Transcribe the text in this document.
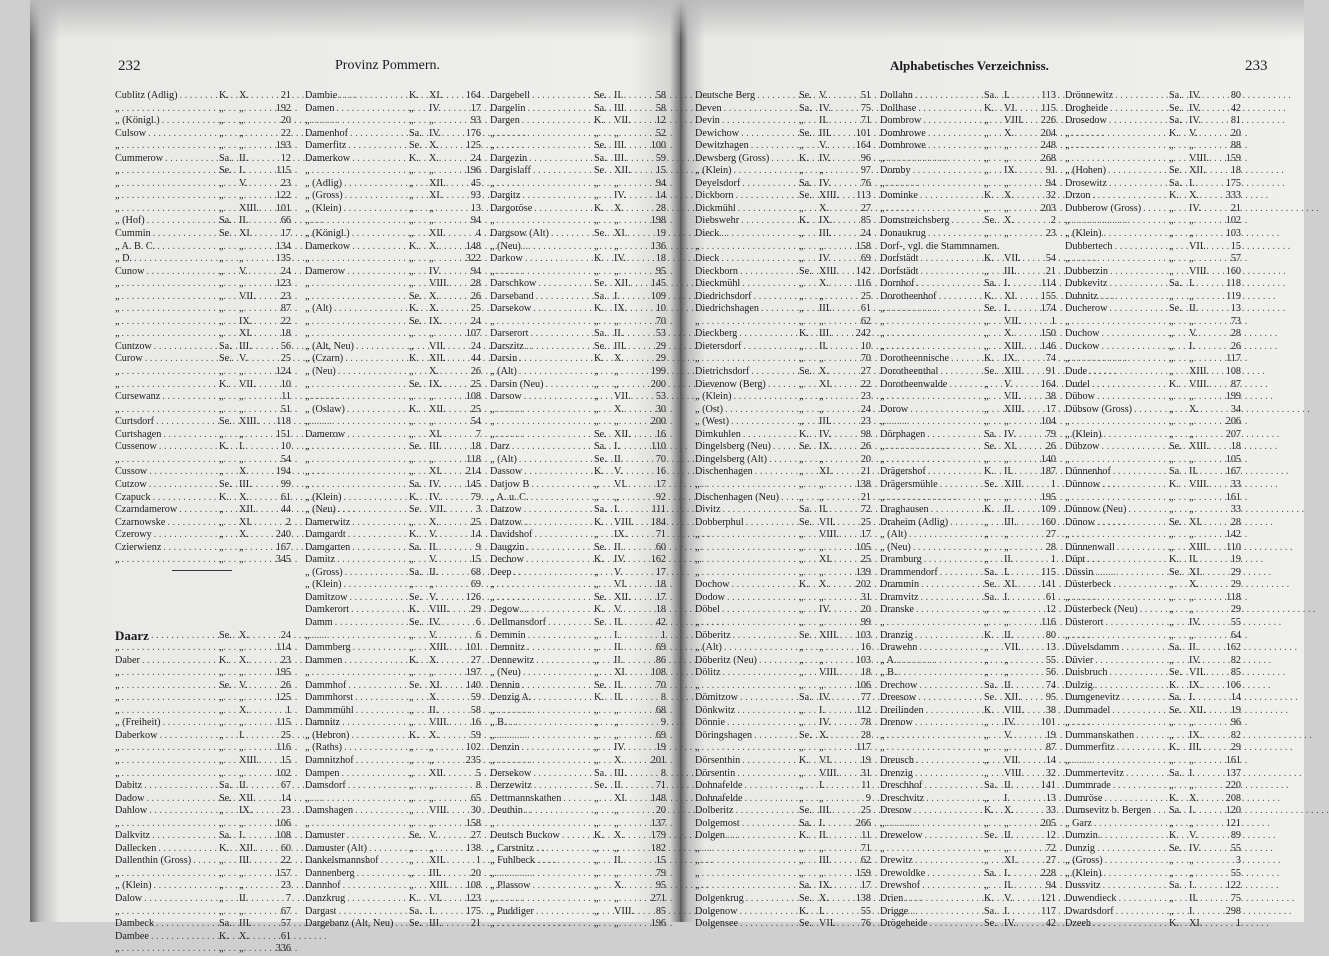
232	Provinz Pommern.	Alphabetisches Verzeichniss.	233
Cublitz (Adlig) . . .	K. X.	21
„ . . .	„	„	192
„ (Königl.) . . .	„	„	20
Culsow . . .	„	„	22
„ . . .	„	„	193
Cummerow . . .	Sa. II.	12
„ . . .	Se. I.	115
„ . . .	„	V.	23
„ . . .	„	„	122
„ . . .	„	XIII.	101
„ (Hof) . . .	Sa. II.	66
Cummin . . .	Se. XI.	17
„ A. B. C. . . .	„	„	134
„ D. . . .	„	„	135
Cunow . . .	„	V.	24
„ . . .	„	„	123
„ . . .	„	VII.	23
„ . . .	„	„	87
„ . . .	„	IX.	22
„ . . .	„	XI.	18
Cuntzow . . .	Sa. III.	56
Curow . . .	Se. V.	25
„ . . .	„	„	124
„ . . .	K. VII.	10
Cursewanz . . .	„	„	11
„ . . .	„	„	51
Curtsdorf . . .	Se. XIII.	118
Curtshagen . . .	„	„	151
Cussenow . . .	K. I.	10
„ . . .	„	„	54
Cussow . . .	„	X.	194
Cutzow . . .	Se. III.	99
Czapuck . . .	K. X.	61
Czarndamerow . . .	„	XII.	44
Czarnowske . . .	„	XI.	2
Czerowy . . .	„	X.	240
Czierwienz . . .	„	„	167
„ . . .	„	„	345
Daarz . . .	Se. X.	24
„ . . .	„	„	114
Daber . . .	K. X.	23
„ . . .	„	„	195
„ . . .	Se. V.	26
„ . . .	„	„	125
„ . . .	„	X.	1
„ (Freiheit) . . .	„	„	115
Daberkow . . .	„	I.	25
„ . . .	„	„	116
„ . . .	„	XIII.	15
„ . . .	„	„	102
Dabitz . . .	Sa. II.	67
Dadow . . .	Se. XII.	14
Dahlow . . .	„	IX.	23
„ . . .	„	„	106
Dalkvitz . . .	Sa. I.	108
Dallecken . . .	K. XII.	60
Dallenthin (Gross) . . .	„	III.	22
„ . . .	„	„	157
„ (Klein) . . .	„	„	23
Dalow . . .	„	II.	7
„ . . .	„	„	67
Dambeck . . .	Sa. III.	57
Dambee . . .	K. X.	61
„ . . .	„	„	336
Dambie . . .	K. XI.	164
Damen . . .	„	IV.	17
„ . . .	„	„	93
Damenhof . . .	Sa. IV.	176
Damerfitz . . .	Se. X.	125
Damerkow . . .	K. X.	24
„ . . .	„	„	196
„ (Adlig) . . .	„	XII.	45
„ (Gross) . . .	„	XI.	93
„ (Klein) . . .	„	„	13
„ . . .	„	„	94
„ (Königl.) . . .	„	XII.	4
Damerkow . . .	K. X.	148
„ . . .	„	„	322
Damerow . . .	„	IV.	94
„ . . .	„	VIII.	28
„ . . .	Se. X.	26
„ (Alt) . . .	K. X.	25
„ . . .	Se. IX.	24
„ . . .	„	„	107
„ (Alt, Neu) . . .	„	VII.	24
„ (Czarn) . . .	K. XII.	44
„ (Neu) . . .	„	X.	26
„ . . .	Se. IX.	25
„ . . .	„	„	108
„ (Oslaw) . . .	K. XII.	25
„ . . .	„	„	54
Damerow . . .	„	XI.	7
„ . . .	Se. III.	18
„ . . .	„	„	118
„ . . .	„	XI.	214
„ . . .	Sa. IV.	145
„ (Klein) . . .	K. IV.	79
„ (Neu) . . .	Se. VII.	3
Damerwitz . . .	„	X.	25
Damgardt . . .	K. V.	14
Damgarten . . .	Sa. II.	9
Damitz . . .	„	V.	15
„ (Gross) . . .	Sa. II.	68
„ (Klein) . . .	„	„	69
Damitzow . . .	Se. V.	126
Damkerort . . .	K. VIII.	29
Damm . . .	Se. IV.	6
„ . . .	„	V.	6
Dammberg . . .	„	XIII.	101
Dammen . . .	K. X.	27
„ . . .	„	„	197
Dammhof . . .	Se. XI.	140
Dammhorst . . .	„	X.	59
Dammmühl . . .	„	II.	58
Damnitz . . .	„	VIII.	16
„ (Hebron) . . .	K. X.	59
„ (Raths) . . .	„	„	102
Damnitzhof . . .	„	„	235
Dampen . . .	„	XII.	5
Damsdorf . . .	„	„	8
„ . . .	„	„	65
Damshagen . . .	„	VIII.	30
„ . . .	„	„	158
Damuster . . .	Se. V.	27
Damuster (Alt) . . .	„	„	138
Dankelsmannshof . . .	„	XII.	1
Dannenberg . . .	„	III.	20
Dannhof . . .	„	XIII.	108
Danzkrug . . .	K. VI.	123
Dargast . . .	Sa. I.	175
Dargebanz (Alt, Neu) . . .	Se. III.	21
Dargebell . . .	Se. II.	58
Dargelin . . .	Sa. III.	58
Dargen . . .	K. VII.	12
„ . . .	„	„	52
„ . . .	Se. III.	100
Dargezin . . .	Sa. III.	59
Dargislaff . . .	Se. XII.	15
„ . . .	„	„	94
Dargitz . . .	„	IV.	14
Dargoröse . . .	K. X.	28
„ . . .	„	„	198
Dargsow (Alt) . . .	Se. XI.	19
„ (Neu) . . .	„	„	136
Darkow . . .	K. IV.	18
„ . . .	„	„	95
Darschkow . . .	Se. XII.	145
Darseband . . .	Sa. I.	109
Darsekow . . .	K. IX.	10
„ . . .	„	„	70
Darserort . . .	Sa. II.	53
Darszitz . . .	Se. III.	29
Darsin . . .	K. X.	29
„ (Alt) . . .	„	„	199
Darsin (Neu) . . .	„	„	200
Darsow . . .	„	VII.	53
„ . . .	„	X.	30
„ . . .	„	„	200
„ . . .	Se. XII.	16
Darz . . .	Sa. I.	110
„ (Alt) . . .	Se. II.	70
Dassow . . .	K. V.	16
Datjow B . . .	„	VI.	17
„ A. u. C. . . .	„	„	92
Datzow . . .	Sa. I.	111
Datzow . . .	K. VIII.	184
Davidshof . . .	„	IX.	71
Daugzin . . .	Se. II.	60
Dechow . . .	K. IV.	162
Deep . . .	„	V.	17
„ . . .	„	VI.	18
„ . . .	Se. XII.	17
Degow . . .	K. V.	18
Dellmansdorf . . .	Se. II.	42
Demmin . . .	„	I.	1
Demnitz . . .	„	II.	69
Dennewitz . . .	„	II.	86
„ (Neu) . . .	„	XI.	108
Dennin . . .	Se. II.	70
Denzig A. . . .	K. II.	8
„ . . .	„	„	68
„ B. . . .	„	„	9
„ . . .	„	„	69
Denzin . . .	„	IV.	19
„ . . .	„	X.	201
Dersekow . . .	Sa. III.	8
Derzewitz . . .	Se. II.	71
Dettmannskathen . . .	„	XI.	148
Deuthin . . .	„	„	20
„ . . .	„	„	137
Deutsch Buckow . . .	K. X.	179
„ Carstnitz . . .	„	„	182
„ Fuhlbeck . . .	„	II.	15
„ . . .	„	„	79
„ Plassow . . .	„	X.	95
„ . . .	„	„	271
„ Puddiger . . .	„	VIII.	85
„ . . .	„	„	196
Deutsche Berg . . .	Se. V.	51
Deven . . .	Sa. IV.	75
Devin . . .	„	II.	71
Dewichow . . .	Se. III.	101
Dewitzhagen . . .	„	V.	164
Dewsberg (Gross) . . .	K. IV.	96
„ (Klein) . . .	„	„	97
Deyelsdorf . . .	Sa. IV.	76
Dickborn . . .	Se. XIII.	113
Dickmühl . . .	„	X.	27
Diebswehr . . .	K. IX.	85
Dieck . . .	„	III.	24
„ . . .	„	„	158
Dieck . . .	„	IV.	69
Dieckborn . . .	Se. XIII.	142
Dieckmühl . . .	„	X.	116
Diedrichsdorf . . .	„	„	25
Diedrichshagen . . .	„	III.	61
„ . . .	„	„	62
Dieckberg . . .	K. III.	242
Dietersdorf . . .	„	II.	10
„ . . .	„	„	70
Dietrichsdorf . . .	Se. X.	27
Dievenow (Berg) . . .	„	XI.	22
„ (Klein) . . .	„	„	23
„ (Ost) . . .	„	„	24
„ (West) . . .	„	III.	23
Dimkuhlen . . .	K. IV.	98
Dingelsberg (Neu) . . .	Se. IX.	26
Dingelsberg (Alt) . . .	„	„	20
Dischenhagen . . .	„	XI.	21
„ . . .	„	„	138
Dischenhagen (Neu) . . .	„	„	21
Divitz . . .	Sa. II.	72
Dobberphul . . .	Se. VII.	25
„ . . .	„	VIII.	17
„ . . .	„	„	105
„ . . .	„	XI.	25
„ . . .	„	„	139
Dochow . . .	K. X.	202
Dodow . . .	„	„	31
Döbel . . .	„	IV.	20
„ . . .	„	„	99
Döberitz . . .	Se. XIII.	103
„ (Alt) . . .	„	„	16
Döberitz (Neu) . . .	„	„	103
Dölitz . . .	„	VIII.	18
„ . . .	„	„	106
Dömitzow . . .	Sa. IV.	77
Dönkwitz . . .	„	I.	112
Dönnie . . .	„	IV.	78
Döringshagen . . .	Se. X.	28
„ . . .	„	„	117
Dörsenthin . . .	K. VI.	19
Dörsentin . . .	„	VIII.	31
Dohnafelde . . .	„	I.	11
Dohnafelde . . .	„	„	9
Dolberitz . . .	Se. III.	25
Dolgemost . . .	Sa. I.	266
Dolgen . . .	K. II.	11
„ . . .	„	„	71
„ . . .	„	III.	62
„ . . .	„	„	159
„ . . .	Sa. IX.	17
Dolgenkrug . . .	Se. X.	138
Dolgenow . . .	K. I.	55
Dolgensee . . .	Se. VII.	76
Dollahn . . .	Sa. I.	113
Dollhase . . .	K. VI.	115
Dombrow . . .	„	VIII.	226
Dombrowe . . .	„	X.	204
Dombrowe . . .	„	„	248
„ . . .	„	„	268
Domby . . .	„	IX.	91
„ . . .	„	„	94
Dominke . . .	K. X.	32
„ . . .	„	„	203
Domstreichsberg . . .	Se. X.	2
Donaukrug . . .	„	„	23
Dorf-, vgl. die Stammnamen.
Dorfstädt . . .	K. VII.	54
Dorfstädt . . .	„	III.	21
Dornhof . . .	Sa. I.	114
Dorotheenhof . . .	K. XI.	155
„ . . .	Se. I.	174
„ . . .	„	VII.	1
„ . . .	„	X.	150
„ . . .	„	XIII.	146
Dorotheennische . . .	K. IX.	74
Dorotheenthal . . .	Se. XIII.	91
Dorotheenwalde . . .	„	V.	164
„ . . .	„	VII.	38
Dorow . . .	„	XIII.	17
„ . . .	„	„	104
Dörphagen . . .	Sa. IV.	79
„ . . .	Se. XI.	26
„ . . .	„	„	140
Drägershof . . .	K. II.	187
Drägersmühle . . .	Se. XIII.	1
„ . . .	„	„	195
Draghausen . . .	K. II.	109
Draheim (Adlig) . . .	„	III.	160
„ (Alt) . . .	„	„	27
„ (Neu) . . .	„	„	28
Dramburg . . .	„	II.	1
Drammendorf . . .	Sa. I.	115
Drammin . . .	Se. XI.	141
Dramvitz . . .	Sa. I.	61
Dranske . . .	„	„	12
„ . . .	„	„	116
Dranzig . . .	K. II.	80
Drawehn . . .	„	VII.	13
„ A. . . .	„	„	55
„ B. . . .	„	„	56
Drechow . . .	Sa. II.	74
Dreesow . . .	Se. XII.	95
Dreilinden . . .	K. VIII.	38
Drenow . . .	„	IV.	101
„ . . .	„	V.	19
„ . . .	„	„	87
Dreusch . . .	„	VII.	14
Drenzig . . .	„	VIII.	32
Dreschhof . . .	Sa. II.	141
Dreschvitz . . .	„	I.	13
Dresow . . .	K. X.	33
„ . . .	„	„	205
Drewelow . . .	Se. II.	12
„ . . .	„	„	72
Drewitz . . .	„	XI.	27
Drewoldke . . .	Sa. I.	228
Drewshof . . .	„	II.	94
Drien . . .	K. V.	121
Drigge . . .	Sa. I.	117
Drögeheide . . .	Se. IV.	42
Drönnewitz . . .	Sa. IV.	80
Drogheide . . .	Se. IV.	42
Drosedow . . .	Sa. IV.	81
„ . . .	K. V.	20
„ . . .	„	„	88
„ . . .	„	VIII.	159
„ (Hohen) . . .	Se. XII.	18
Drosewitz . . .	Sa. I.	175
Drzon . . .	K. X.	333
Dubberow (Gross) . . .	„	IV.	21
„ . . .	„	„	102
„ (Klein) . . .	„	„	103
Dubbertech . . .	„	VII.	15
„ . . .	„	„	57
Dubberzin . . .	„	VIII.	160
Dubkevitz . . .	Sa. I.	118
Dubnitz . . .	„	„	119
Ducherow . . .	Se. II.	13
„ . . .	„	„	73
Duchow . . .	„	V.	28
Duckow . . .	„	I.	26
„ . . .	„	„	117
Dude . . .	„	XIII.	108
Dudel . . .	K. VIII.	87
Dübow . . .	„	„	199
Dübsow (Gross) . . .	„	X.	34
„ . . .	„	„	206
„ (Klein) . . .	„	„	207
Dübzow . . .	Se. XIII.	18
„ . . .	„	„	105
Dünnenhof . . .	Sa. II.	167
Dünnow . . .	K. VIII.	33
„ . . .	„	„	161
Dünnow (Neu) . . .	„	„	33
Dünow . . .	Se. XI.	28
„ . . .	„	„	142
Dünnenwall . . .	„	XIII.	110
Düpt . . .	K. II.	19
Düssin . . .	Se. XI.	29
Düsterbeck . . .	„	X.	29
„ . . .	„	„	118
Düsterbeck (Neu) . . .	„	„	29
Düsterort . . .	„	IV.	55
„ . . .	„	„	64
Düvelsdamm . . .	Sa. II.	162
Düvier . . .	„	IV.	82
Duisbruch . . .	Se. VII.	85
Dulzig . . .	K. IX.	106
Dumgenevitz . . .	Sa. I.	14
Dummadel . . .	Se. XII.	19
„ . . .	„	„	96
Dummanskathen . . .	„	IX.	82
Dummerfitz . . .	K. III.	29
„ . . .	„	„	161
Dummertevitz . . .	Sa. I.	137
Dummrade . . .	„	„	220
Dumröse . . .	K. X.	208
Dumsevitz b. Bergen . . .	Sa. I.	120
„ Garz . . .	„	„	121
Dumzin . . .	K. V.	89
Dunzig . . .	Se. IV.	55
„ (Gross) . . .	„	„	3
„ (Klein) . . .	„	„	55
Dussvitz . . .	Sa. I.	122
Duwendieck . . .	„	II.	75
Dwardsdorf . . .	„	I.	298
Dzeeh . . .	K. XI.	1
